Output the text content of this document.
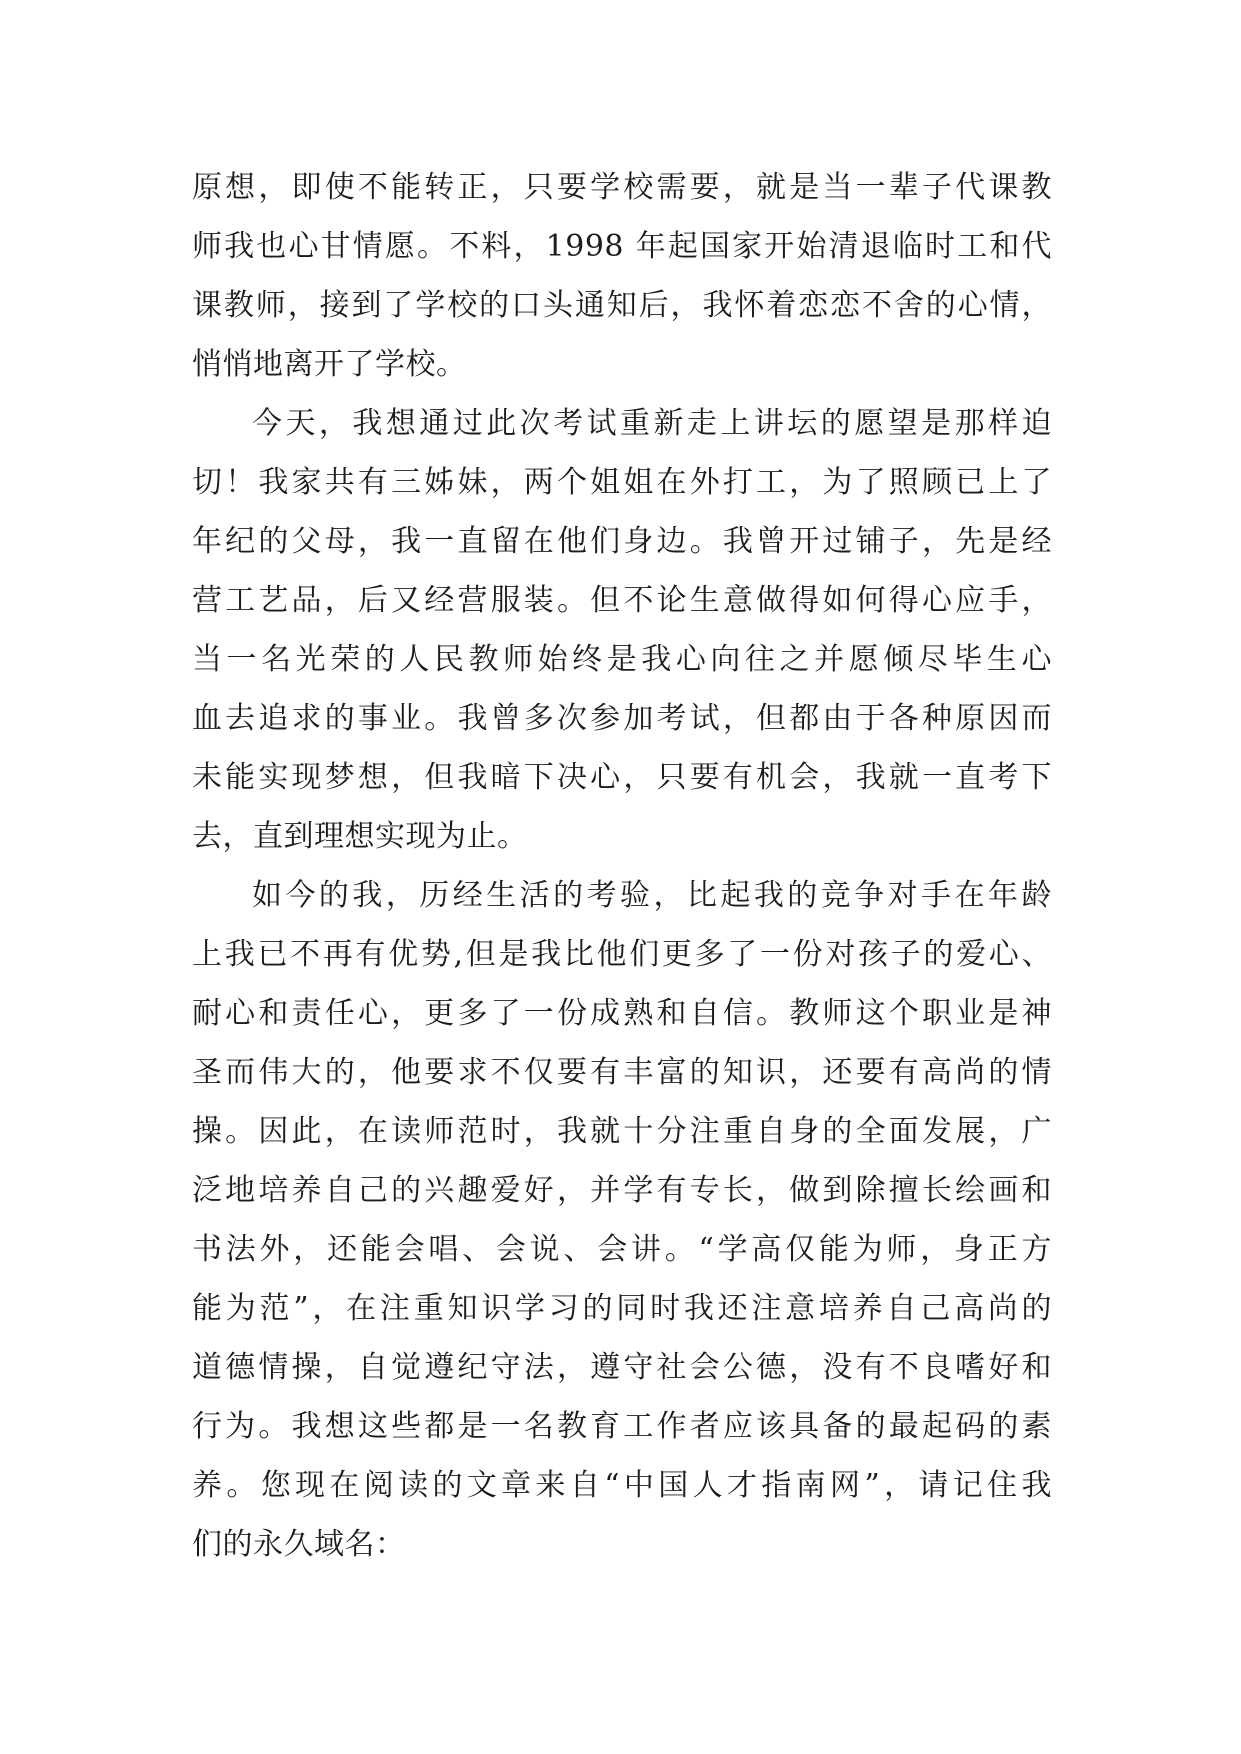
原想，即使不能转正，只要学校需要，就是当一辈子代课教
师我也心甘情愿。不料，1998 年起国家开始清退临时工和代
课教师，接到了学校的口头通知后，我怀着恋恋不舍的心情，
悄悄地离开了学校。
今天，我想通过此次考试重新走上讲坛的愿望是那样迫
切！我家共有三姊妹，两个姐姐在外打工，为了照顾已上了
年纪的父母，我一直留在他们身边。我曾开过铺子，先是经
营工艺品，后又经营服装。但不论生意做得如何得心应手，
当一名光荣的人民教师始终是我心向往之并愿倾尽毕生心
血去追求的事业。我曾多次参加考试，但都由于各种原因而
未能实现梦想，但我暗下决心，只要有机会，我就一直考下
去，直到理想实现为止。
如今的我，历经生活的考验，比起我的竞争对手在年龄
上我已不再有优势,但是我比他们更多了一份对孩子的爱心、
耐心和责任心，更多了一份成熟和自信。教师这个职业是神
圣而伟大的，他要求不仅要有丰富的知识，还要有高尚的情
操。因此，在读师范时，我就十分注重自身的全面发展，广
泛地培养自己的兴趣爱好，并学有专长，做到除擅长绘画和
书法外，还能会唱、会说、会讲。“学高仅能为师，身正方
能为范”，在注重知识学习的同时我还注意培养自己高尚的
道德情操，自觉遵纪守法，遵守社会公德，没有不良嗜好和
行为。我想这些都是一名教育工作者应该具备的最起码的素
养。您现在阅读的文章来自“中国人才指南网”，请记住我
们的永久域名：
